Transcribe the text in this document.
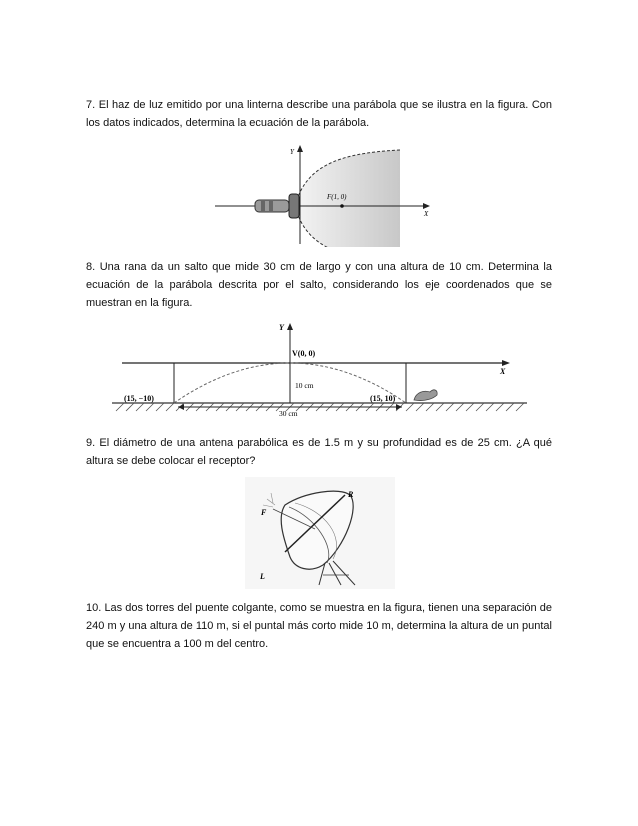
7. El haz de luz emitido por una linterna describe una parábola que se ilustra en la figura. Con los datos indicados, determina la ecuación de la parábola.

F(1, 0)
Y
X

8. Una rana da un salto que mide 30 cm de largo y con una altura de 10 cm. Determina la ecuación de la parábola descrita por el salto, considerando los eje coordenados que se muestran en la figura.

Y
X
V(0, 0)
10 cm
(15, −10)	(15, 10)
30 cm

9. El diámetro de una antena parabólica es de 1.5 m y su profundidad es de 25 cm. ¿A qué altura se debe colocar el receptor?

F
R
L

10. Las dos torres del puente colgante, como se muestra en la figura, tienen una separación de 240 m y una altura de 110 m, si el puntal más corto mide 10 m, determina la altura de un puntal que se encuentra a 100 m del centro.
